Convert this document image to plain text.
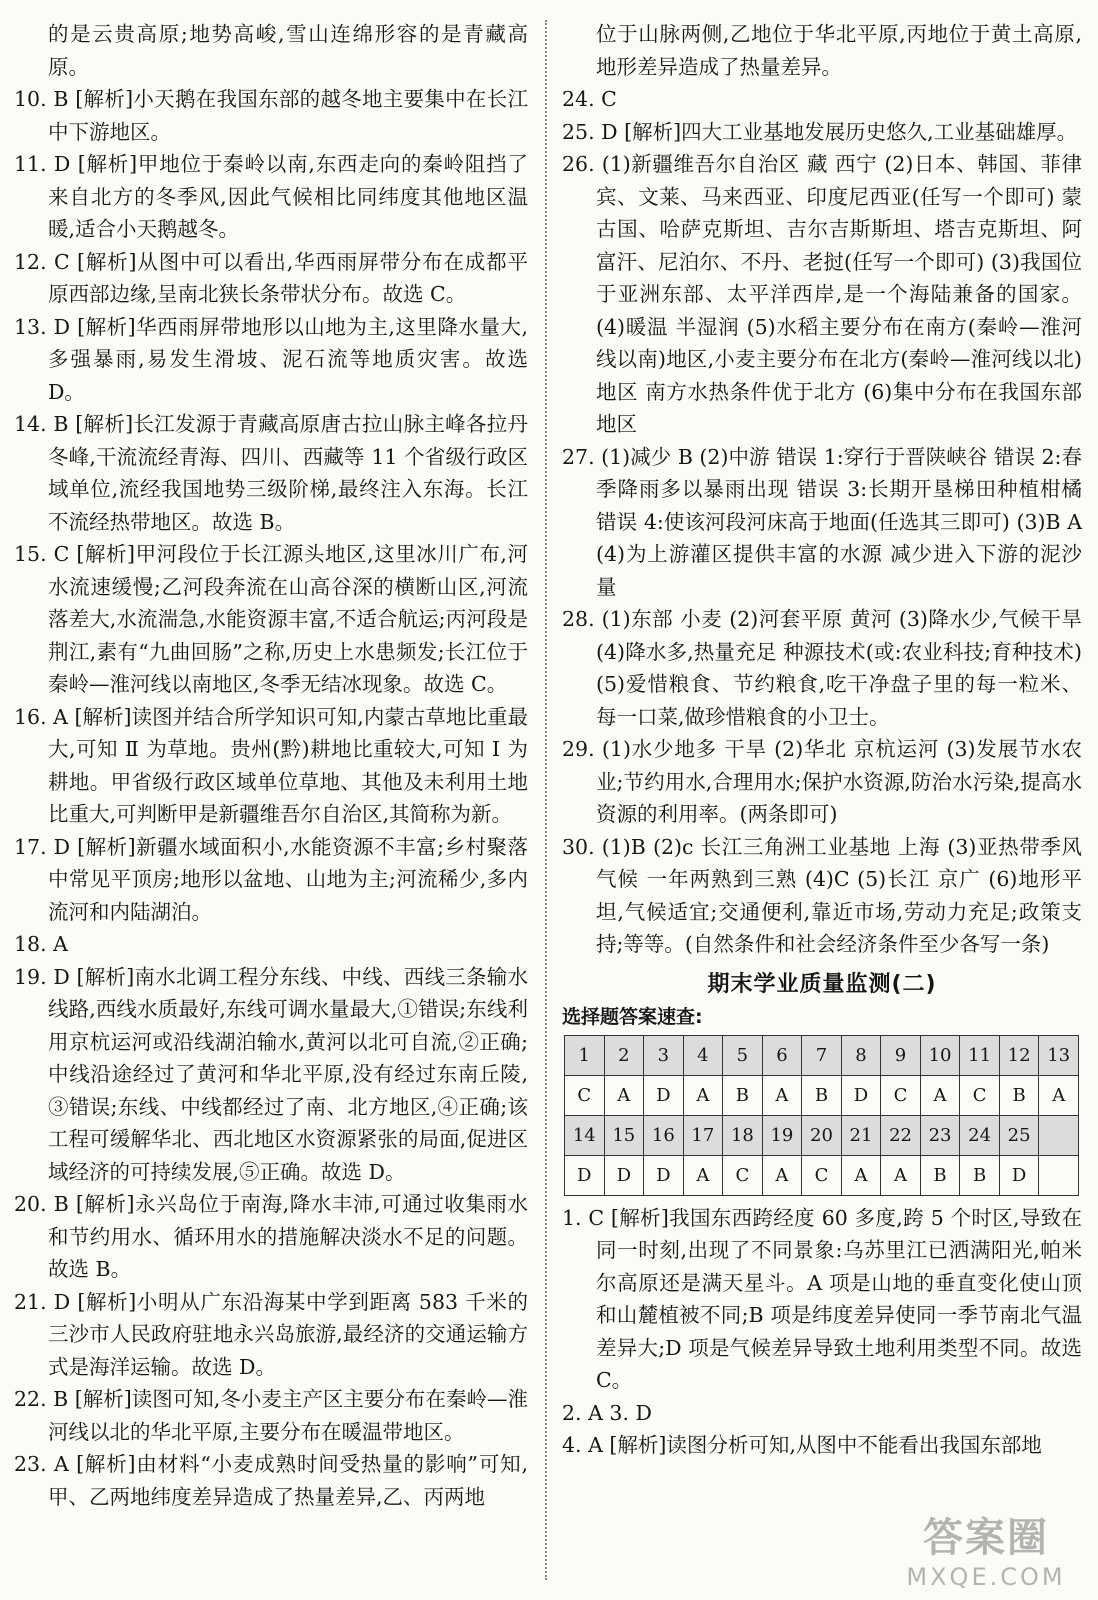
的是云贵高原;地势高峻,雪山连绵形容的是青藏高原。

10. B [解析]小天鹅在我国东部的越冬地主要集中在长江中下游地区。

11. D [解析]甲地位于秦岭以南,东西走向的秦岭阻挡了来自北方的冬季风,因此气候相比同纬度其他地区温暖,适合小天鹅越冬。

12. C [解析]从图中可以看出,华西雨屏带分布在成都平原西部边缘,呈南北狭长条带状分布。故选 C。

13. D [解析]华西雨屏带地形以山地为主,这里降水量大,多强暴雨,易发生滑坡、泥石流等地质灾害。故选 D。

14. B [解析]长江发源于青藏高原唐古拉山脉主峰各拉丹冬峰,干流流经青海、四川、西藏等 11 个省级行政区域单位,流经我国地势三级阶梯,最终注入东海。长江不流经热带地区。故选 B。

15. C [解析]甲河段位于长江源头地区,这里冰川广布,河水流速缓慢;乙河段奔流在山高谷深的横断山区,河流落差大,水流湍急,水能资源丰富,不适合航运;丙河段是荆江,素有“九曲回肠”之称,历史上水患频发;长江位于秦岭—淮河线以南地区,冬季无结冰现象。故选 C。

16. A [解析]读图并结合所学知识可知,内蒙古草地比重最大,可知 Ⅱ 为草地。贵州(黔)耕地比重较大,可知 Ⅰ 为耕地。甲省级行政区域单位草地、其他及未利用土地比重大,可判断甲是新疆维吾尔自治区,其简称为新。

17. D [解析]新疆水域面积小,水能资源不丰富;乡村聚落中常见平顶房;地形以盆地、山地为主;河流稀少,多内流河和内陆湖泊。

18. A

19. D [解析]南水北调工程分东线、中线、西线三条输水线路,西线水质最好,东线可调水量最大,①错误;东线利用京杭运河或沿线湖泊输水,黄河以北可自流,②正确;中线沿途经过了黄河和华北平原,没有经过东南丘陵,③错误;东线、中线都经过了南、北方地区,④正确;该工程可缓解华北、西北地区水资源紧张的局面,促进区域经济的可持续发展,⑤正确。故选 D。

20. B [解析]永兴岛位于南海,降水丰沛,可通过收集雨水和节约用水、循环用水的措施解决淡水不足的问题。故选 B。

21. D [解析]小明从广东沿海某中学到距离 583 千米的三沙市人民政府驻地永兴岛旅游,最经济的交通运输方式是海洋运输。故选 D。

22. B [解析]读图可知,冬小麦主产区主要分布在秦岭—淮河线以北的华北平原,主要分布在暖温带地区。

23. A [解析]由材料“小麦成熟时间受热量的影响”可知,甲、乙两地纬度差异造成了热量差异,乙、丙两地

位于山脉两侧,乙地位于华北平原,丙地位于黄土高原,地形差异造成了热量差异。

24. C

25. D [解析]四大工业基地发展历史悠久,工业基础雄厚。

26. (1)新疆维吾尔自治区 藏 西宁 (2)日本、韩国、菲律宾、文莱、马来西亚、印度尼西亚(任写一个即可) 蒙古国、哈萨克斯坦、吉尔吉斯斯坦、塔吉克斯坦、阿富汗、尼泊尔、不丹、老挝(任写一个即可) (3)我国位于亚洲东部、太平洋西岸,是一个海陆兼备的国家。(4)暖温 半湿润 (5)水稻主要分布在南方(秦岭—淮河线以南)地区,小麦主要分布在北方(秦岭—淮河线以北)地区 南方水热条件优于北方 (6)集中分布在我国东部地区

27. (1)减少 B (2)中游 错误 1:穿行于晋陕峡谷 错误 2:春季降雨多以暴雨出现 错误 3:长期开垦梯田种植柑橘 错误 4:使该河段河床高于地面(任选其三即可) (3)B A (4)为上游灌区提供丰富的水源 减少进入下游的泥沙量

28. (1)东部 小麦 (2)河套平原 黄河 (3)降水少,气候干旱 (4)降水多,热量充足 种源技术(或:农业科技;育种技术) (5)爱惜粮食、节约粮食,吃干净盘子里的每一粒米、每一口菜,做珍惜粮食的小卫士。

29. (1)水少地多 干旱 (2)华北 京杭运河 (3)发展节水农业;节约用水,合理用水;保护水资源,防治水污染,提高水资源的利用率。(两条即可)

30. (1)B (2)c 长江三角洲工业基地 上海 (3)亚热带季风气候 一年两熟到三熟 (4)C (5)长江 京广 (6)地形平坦,气候适宜;交通便利,靠近市场,劳动力充足;政策支持;等等。(自然条件和社会经济条件至少各写一条)

期末学业质量监测(二)
选择题答案速查:
1	2	3	4	5	6	7	8	9	10	11	12	13
C	A	D	A	B	A	B	D	C	A	C	B	A
14	15	16	17	18	19	20	21	22	23	24	25	
D	D	D	A	C	A	C	A	A	B	B	D	

1. C [解析]我国东西跨经度 60 多度,跨 5 个时区,导致在同一时刻,出现了不同景象:乌苏里江已洒满阳光,帕米尔高原还是满天星斗。A 项是山地的垂直变化使山顶和山麓植被不同;B 项是纬度差异使同一季节南北气温差异大;D 项是气候差异导致土地利用类型不同。故选 C。

2. A 3. D

4. A [解析]读图分析可知,从图中不能看出我国东部地

答案圈
MXQE.COM
